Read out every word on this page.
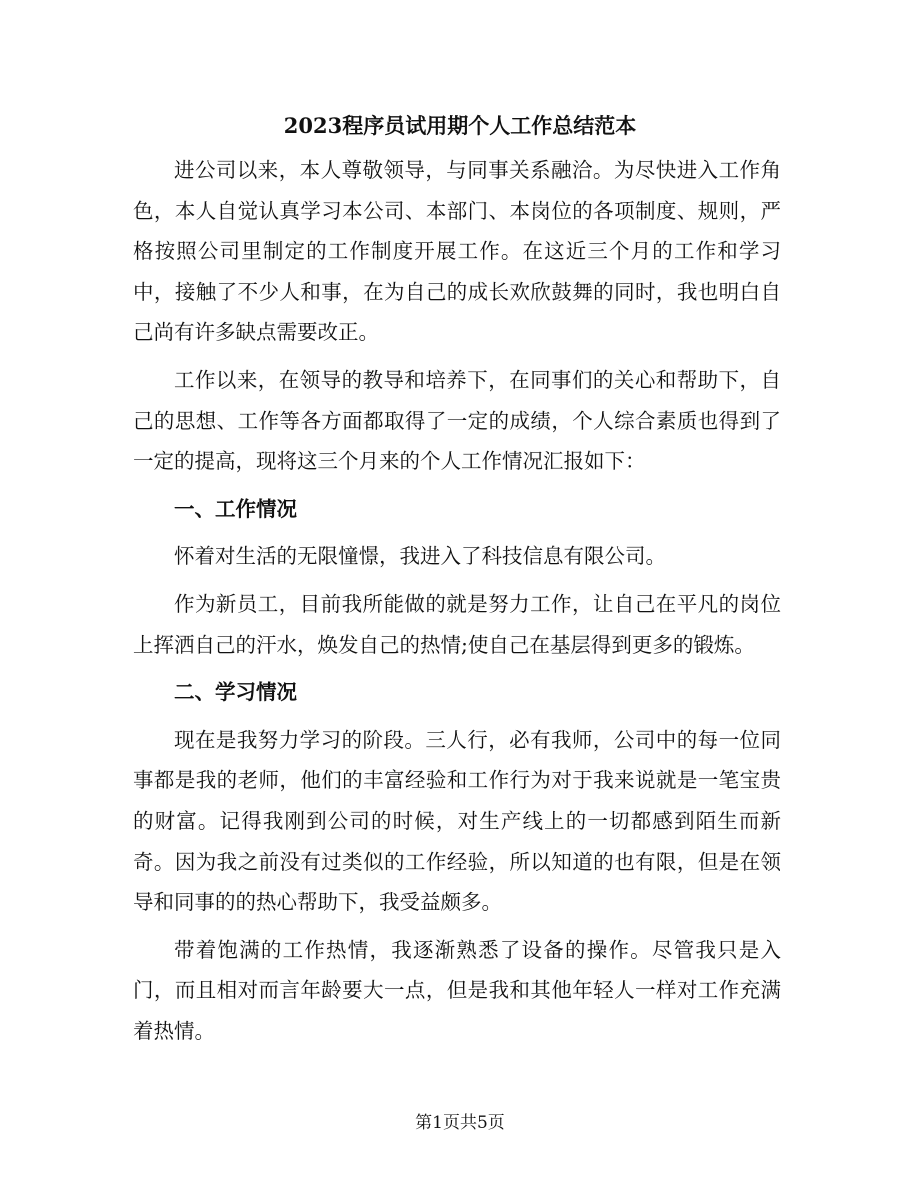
2023程序员试用期个人工作总结范本

进公司以来，本人尊敬领导，与同事关系融洽。为尽快进入工作角色，本人自觉认真学习本公司、本部门、本岗位的各项制度、规则，严格按照公司里制定的工作制度开展工作。在这近三个月的工作和学习中，接触了不少人和事，在为自己的成长欢欣鼓舞的同时，我也明白自己尚有许多缺点需要改正。

工作以来，在领导的教导和培养下，在同事们的关心和帮助下，自己的思想、工作等各方面都取得了一定的成绩，个人综合素质也得到了一定的提高，现将这三个月来的个人工作情况汇报如下：

一、工作情况

怀着对生活的无限憧憬，我进入了科技信息有限公司。

作为新员工，目前我所能做的就是努力工作，让自己在平凡的岗位上挥洒自己的汗水，焕发自己的热情;使自己在基层得到更多的锻炼。

二、学习情况

现在是我努力学习的阶段。三人行，必有我师，公司中的每一位同事都是我的老师，他们的丰富经验和工作行为对于我来说就是一笔宝贵的财富。记得我刚到公司的时候，对生产线上的一切都感到陌生而新奇。因为我之前没有过类似的工作经验，所以知道的也有限，但是在领导和同事的的热心帮助下，我受益颇多。

带着饱满的工作热情，我逐渐熟悉了设备的操作。尽管我只是入门，而且相对而言年龄要大一点，但是我和其他年轻人一样对工作充满着热情。

第1页共5页
